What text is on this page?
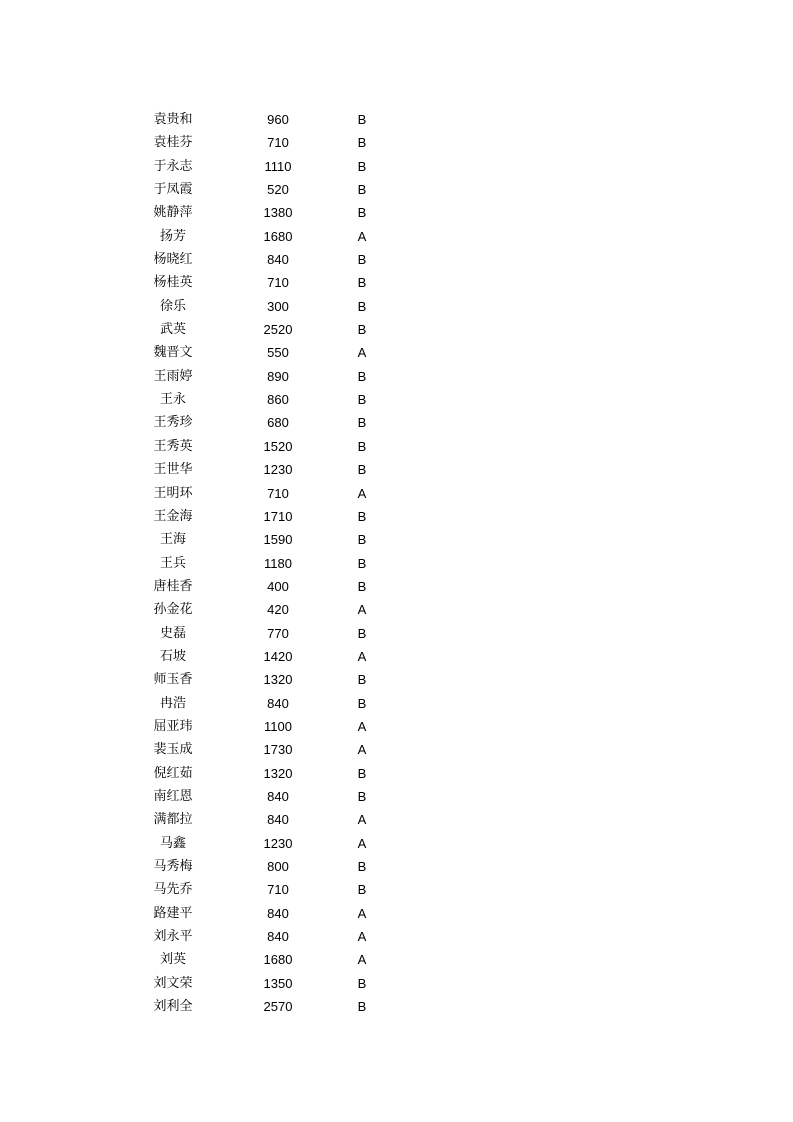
袁贵和	960	B
袁桂芬	710	B
于永志	1110	B
于凤霞	520	B
姚静萍	1380	B
扬芳	1680	A
杨晓红	840	B
杨桂英	710	B
徐乐	300	B
武英	2520	B
魏晋文	550	A
王雨婷	890	B
王永	860	B
王秀珍	680	B
王秀英	1520	B
王世华	1230	B
王明环	710	A
王金海	1710	B
王海	1590	B
王兵	1180	B
唐桂香	400	B
孙金花	420	A
史磊	770	B
石坡	1420	A
师玉香	1320	B
冉浩	840	B
屈亚玮	1100	A
裴玉成	1730	A
倪红茹	1320	B
南红恩	840	B
满都拉	840	A
马鑫	1230	A
马秀梅	800	B
马先乔	710	B
路建平	840	A
刘永平	840	A
刘英	1680	A
刘文荣	1350	B
刘利全	2570	B
